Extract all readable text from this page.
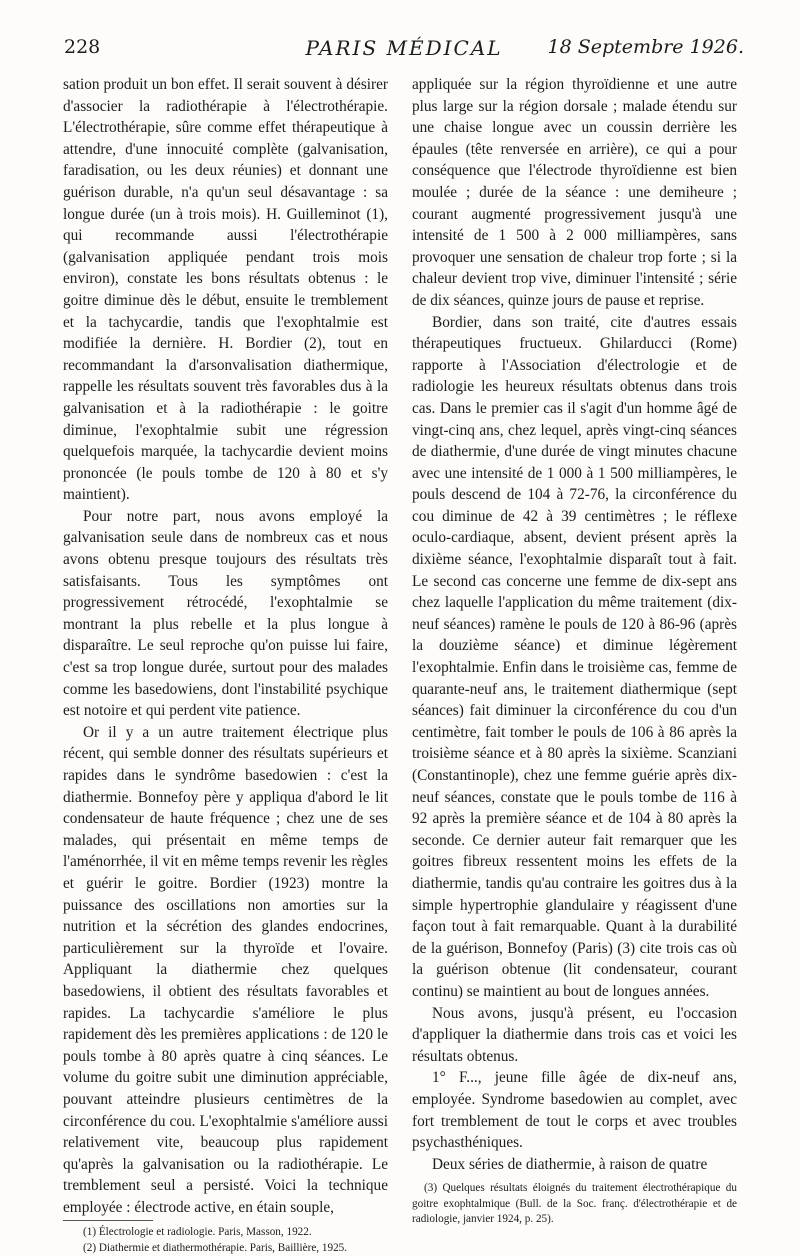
228	PARIS MÉDICAL	18 Septembre 1926.

sation produit un bon effet. Il serait souvent à désirer d'associer la radiothérapie à l'électrothérapie. L'électrothérapie, sûre comme effet thérapeutique à attendre, d'une innocuité complète (galvanisation, faradisation, ou les deux réunies) et donnant une guérison durable, n'a qu'un seul désavantage : sa longue durée (un à trois mois). H. Guilleminot (1), qui recommande aussi l'électrothérapie (galvanisation appliquée pendant trois mois environ), constate les bons résultats obtenus : le goitre diminue dès le début, ensuite le tremblement et la tachycardie, tandis que l'exophtalmie est modifiée la dernière. H. Bordier (2), tout en recommandant la d'arsonvalisation diathermique, rappelle les résultats souvent très favorables dus à la galvanisation et à la radiothérapie : le goitre diminue, l'exophtalmie subit une régression quelquefois marquée, la tachycardie devient moins prononcée (le pouls tombe de 120 à 80 et s'y maintient).

Pour notre part, nous avons employé la galvanisation seule dans de nombreux cas et nous avons obtenu presque toujours des résultats très satisfaisants. Tous les symptômes ont progressivement rétrocédé, l'exophtalmie se montrant la plus rebelle et la plus longue à disparaître. Le seul reproche qu'on puisse lui faire, c'est sa trop longue durée, surtout pour des malades comme les basedowiens, dont l'instabilité psychique est notoire et qui perdent vite patience.

Or il y a un autre traitement électrique plus récent, qui semble donner des résultats supérieurs et rapides dans le syndrôme basedowien : c'est la diathermie. Bonnefoy père y appliqua d'abord le lit condensateur de haute fréquence ; chez une de ses malades, qui présentait en même temps de l'aménorrhée, il vit en même temps revenir les règles et guérir le goitre. Bordier (1923) montre la puissance des oscillations non amorties sur la nutrition et la sécrétion des glandes endocrines, particulièrement sur la thyroïde et l'ovaire. Appliquant la diathermie chez quelques basedowiens, il obtient des résultats favorables et rapides. La tachycardie s'améliore le plus rapidement dès les premières applications : de 120 le pouls tombe à 80 après quatre à cinq séances. Le volume du goitre subit une diminution appréciable, pouvant atteindre plusieurs centimètres de la circonférence du cou. L'exophtalmie s'améliore aussi relativement vite, beaucoup plus rapidement qu'après la galvanisation ou la radiothérapie. Le tremblement seul a persisté. Voici la technique employée : électrode active, en étain souple,

(1) Électrologie et radiologie. Paris, Masson, 1922.

(2) Diathermie et diathermothérapie. Paris, Baillière, 1925.

appliquée sur la région thyroïdienne et une autre plus large sur la région dorsale ; malade étendu sur une chaise longue avec un coussin derrière les épaules (tête renversée en arrière), ce qui a pour conséquence que l'électrode thyroïdienne est bien moulée ; durée de la séance : une demiheure ; courant augmenté progressivement jusqu'à une intensité de 1 500 à 2 000 milliampères, sans provoquer une sensation de chaleur trop forte ; si la chaleur devient trop vive, diminuer l'intensité ; série de dix séances, quinze jours de pause et reprise.

Bordier, dans son traité, cite d'autres essais thérapeutiques fructueux. Ghilarducci (Rome) rapporte à l'Association d'électrologie et de radiologie les heureux résultats obtenus dans trois cas. Dans le premier cas il s'agit d'un homme âgé de vingt-cinq ans, chez lequel, après vingt-cinq séances de diathermie, d'une durée de vingt minutes chacune avec une intensité de 1 000 à 1 500 milliampères, le pouls descend de 104 à 72-76, la circonférence du cou diminue de 42 à 39 centimètres ; le réflexe oculo-cardiaque, absent, devient présent après la dixième séance, l'exophtalmie disparaît tout à fait. Le second cas concerne une femme de dix-sept ans chez laquelle l'application du même traitement (dix-neuf séances) ramène le pouls de 120 à 86-96 (après la douzième séance) et diminue légèrement l'exophtalmie. Enfin dans le troisième cas, femme de quarante-neuf ans, le traitement diathermique (sept séances) fait diminuer la circonférence du cou d'un centimètre, fait tomber le pouls de 106 à 86 après la troisième séance et à 80 après la sixième. Scanziani (Constantinople), chez une femme guérie après dix-neuf séances, constate que le pouls tombe de 116 à 92 après la première séance et de 104 à 80 après la seconde. Ce dernier auteur fait remarquer que les goitres fibreux ressentent moins les effets de la diathermie, tandis qu'au contraire les goitres dus à la simple hypertrophie glandulaire y réagissent d'une façon tout à fait remarquable. Quant à la durabilité de la guérison, Bonnefoy (Paris) (3) cite trois cas où la guérison obtenue (lit condensateur, courant continu) se maintient au bout de longues années.

Nous avons, jusqu'à présent, eu l'occasion d'appliquer la diathermie dans trois cas et voici les résultats obtenus.

1° F..., jeune fille âgée de dix-neuf ans, employée. Syndrome basedowien au complet, avec fort tremblement de tout le corps et avec troubles psychasthéniques.

Deux séries de diathermie, à raison de quatre

(3) Quelques résultats éloignés du traitement électrothérapique du goitre exophtalmique (Bull. de la Soc. franç. d'électrothérapie et de radiologie, janvier 1924, p. 25).
